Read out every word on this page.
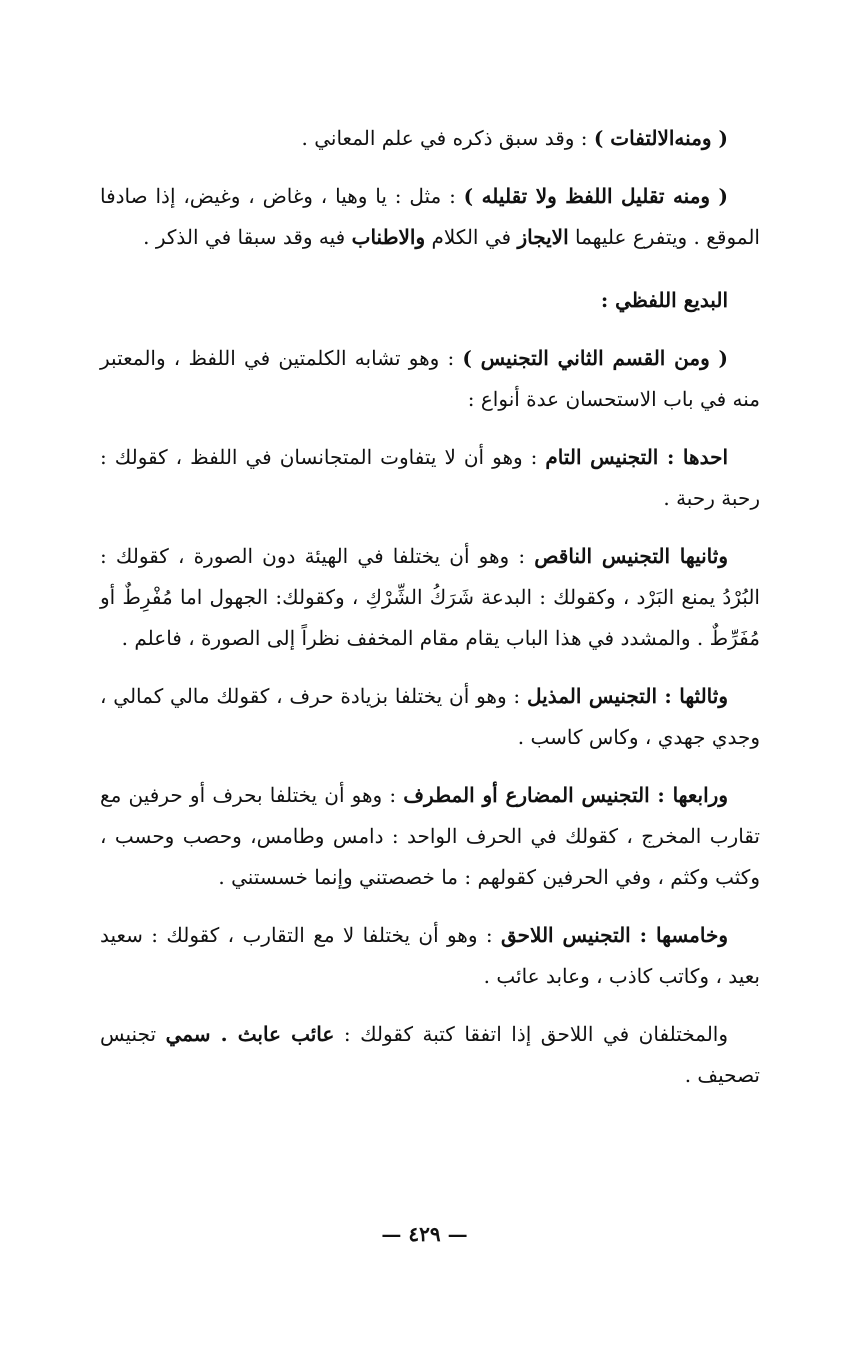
( ومنه‌الالتفات ) : وقد سبق ذكره في علم المعاني .

( ومنه تقليل اللفظ ولا تقليله ) : مثل : يا وهيا ، وغاض ، وغيض، إذا صادفا الموقع . ويتفرع عليهما الايجاز في الكلام والاطناب فيه وقد سبقا في الذكر .

البديع اللفظي :

( ومن القسم الثاني التجنيس ) : وهو تشابه الكلمتين في اللفظ ، والمعتبر منه في باب الاستحسان عدة أنواع :

احدها : التجنيس التام : وهو أن لا يتفاوت المتجانسان في اللفظ ، كقولك : رحبة رحبة .

وثانيها التجنيس الناقص : وهو أن يختلفا في الهيئة دون الصورة ، كقولك : البُرْدُ يمنع البَرْد ، وكقولك : البدعة شَرَكُ الشِّرْكِ ، وكقولك: الجهول اما مُفْرِطٌ أو مُفَرِّطٌ . والمشدد في هذا الباب يقام مقام المخفف نظراً إلى الصورة ، فاعلم .

وثالثها : التجنيس المذيل : وهو أن يختلفا بزيادة حرف ، كقولك مالي كمالي ، وجدي جهدي ، وكاس كاسب .

ورابعها : التجنيس المضارع أو المطرف : وهو أن يختلفا بحرف أو حرفين مع تقارب المخرج ، كقولك في الحرف الواحد : دامس وطامس، وحصب وحسب ، وكثب وكثم ، وفي الحرفين كقولهم : ما خصصتني وإنما خسستني .

وخامسها : التجنيس اللاحق : وهو أن يختلفا لا مع التقارب ، كقولك : سعيد بعيد ، وكاتب كاذب ، وعابد عائب .

والمختلفان في اللاحق إذا اتفقا كتبة كقولك : عائب عابث . سمي تجنيس تصحيف .

— ٤٢٩ —
